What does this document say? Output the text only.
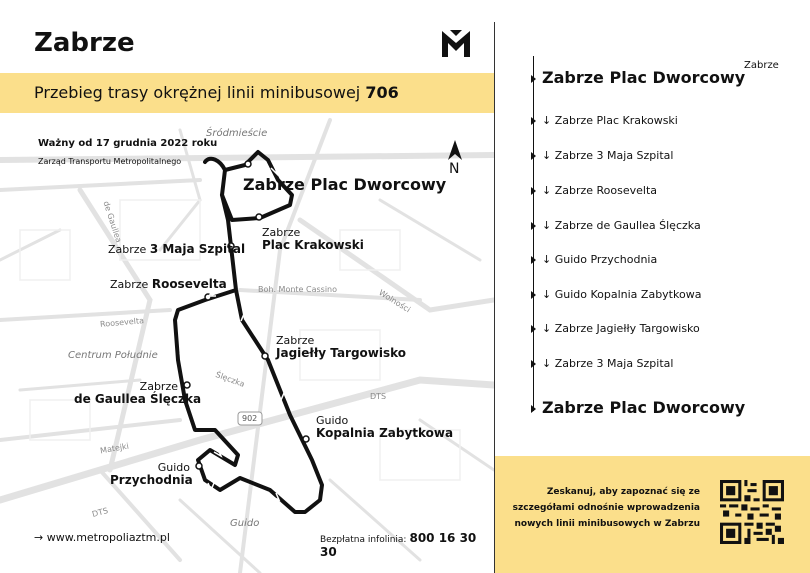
Zabrze
Przebieg trasy okrężnej linii minibusowej 706
Ważny od 17 grudnia 2022 roku
Zarząd Transportu Metropolitalnego	N
Śródmieście
Centrum Południe
Guido
de Gaullea
Boh. Monte Cassino	Wolności
Roosevelta
Ślęczka
DTS
DTS
Matejki
902
Zabrze Plac Dworcowy
Zabrze
Plac Krakowski
Zabrze 3 Maja Szpital
Zabrze Roosevelta
Zabrze
Jagiełły Targowisko
Zabrze
de Gaullea Ślęczka
Guido
Kopalnia Zabytkowa
Guido
Przychodnia
→ www.metropoliaztm.pl	Bezpłatna infolinia: 800 16 30 30
Zabrze
Zabrze Plac Dworcowy
↓ Zabrze Plac Krakowski
↓ Zabrze 3 Maja Szpital
↓ Zabrze Roosevelta
↓ Zabrze de Gaullea Ślęczka
↓ Guido Przychodnia
↓ Guido Kopalnia Zabytkowa
↓ Zabrze Jagiełły Targowisko
↓ Zabrze 3 Maja Szpital
Zabrze Plac Dworcowy

Zeskanuj, aby zapoznać się ze
szczegółami odnośnie wprowadzenia
nowych linii minibusowych w Zabrzu
